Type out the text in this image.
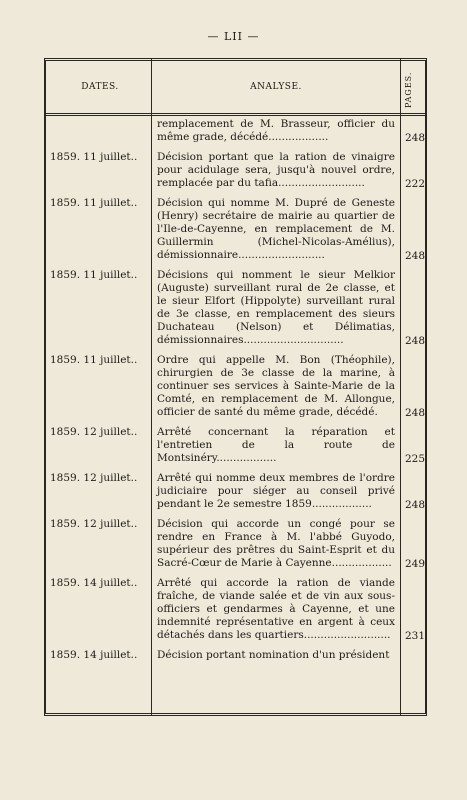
— LII —
DATES.	ANALYSE.	PAGES.
remplacement de M. Brasseur, officier du même grade, décédé..................	248
1859. 11 juillet..	Décision portant que la ration de vinaigre pour acidulage sera, jusqu'à nouvel ordre, remplacée par du tafia..........................	222
1859. 11 juillet..	Décision qui nomme M. Dupré de Geneste (Henry) secrétaire de mairie au quartier de l'Ile-de-Cayenne, en remplacement de M. Guillermin (Michel-Nicolas-Amélius), démissionnaire..........................	248
1859. 11 juillet..	Décisions qui nomment le sieur Melkior (Auguste) surveillant rural de 2e classe, et le sieur Elfort (Hippolyte) surveillant rural de 3e classe, en remplacement des sieurs Duchateau (Nelson) et Délimatias, démissionnaires..............................	248
1859. 11 juillet..	Ordre qui appelle M. Bon (Théophile), chirurgien de 3e classe de la marine, à continuer ses services à Sainte-Marie de la Comté, en remplacement de M. Allongue, officier de santé du même grade, décédé.	248
1859. 12 juillet..	Arrêté concernant la réparation et l'entretien de la route de Montsinéry..................	225
1859. 12 juillet..	Arrêté qui nomme deux membres de l'ordre judiciaire pour siéger au conseil privé pendant le 2e semestre 1859..................	248
1859. 12 juillet..	Décision qui accorde un congé pour se rendre en France à M. l'abbé Guyodo, supérieur des prêtres du Saint-Esprit et du Sacré-Cœur de Marie à Cayenne..................	249
1859. 14 juillet..	Arrêté qui accorde la ration de viande fraîche, de viande salée et de vin aux sous-officiers et gendarmes à Cayenne, et une indemnité représentative en argent à ceux détachés dans les quartiers..........................	231
1859. 14 juillet..	Décision portant nomination d'un président
